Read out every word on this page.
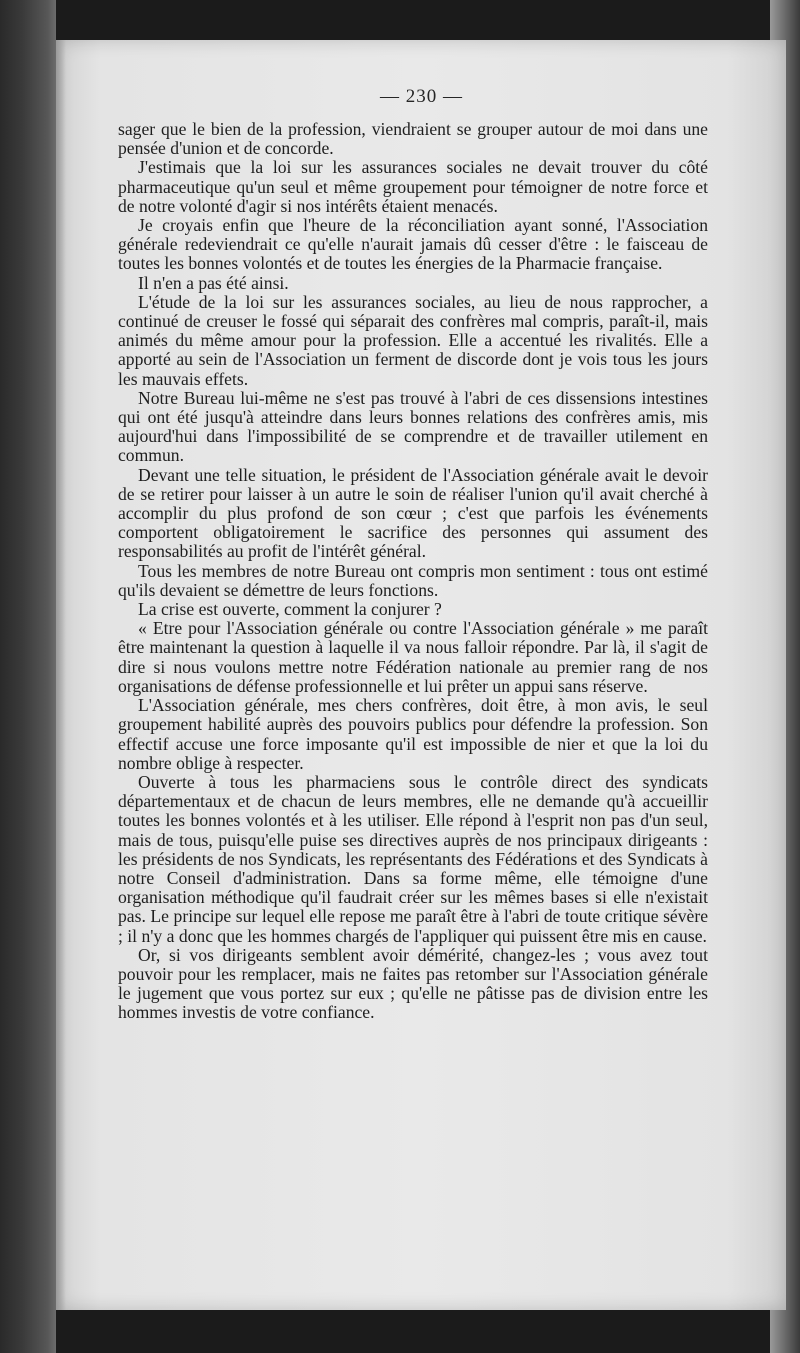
— 230 —

sager que le bien de la profession, viendraient se grouper autour de moi dans une pensée d'union et de concorde.

J'estimais que la loi sur les assurances sociales ne devait trouver du côté pharmaceutique qu'un seul et même groupement pour témoigner de notre force et de notre volonté d'agir si nos intérêts étaient menacés.

Je croyais enfin que l'heure de la réconciliation ayant sonné, l'Association générale redeviendrait ce qu'elle n'aurait jamais dû cesser d'être : le faisceau de toutes les bonnes volontés et de toutes les énergies de la Pharmacie française.

Il n'en a pas été ainsi.

L'étude de la loi sur les assurances sociales, au lieu de nous rapprocher, a continué de creuser le fossé qui séparait des confrères mal compris, paraît-il, mais animés du même amour pour la profession. Elle a accentué les rivalités. Elle a apporté au sein de l'Association un ferment de discorde dont je vois tous les jours les mauvais effets.

Notre Bureau lui-même ne s'est pas trouvé à l'abri de ces dissensions intestines qui ont été jusqu'à atteindre dans leurs bonnes relations des confrères amis, mis aujourd'hui dans l'impossibilité de se comprendre et de travailler utilement en commun.

Devant une telle situation, le président de l'Association générale avait le devoir de se retirer pour laisser à un autre le soin de réaliser l'union qu'il avait cherché à accomplir du plus profond de son cœur ; c'est que parfois les événements comportent obligatoirement le sacrifice des personnes qui assument des responsabilités au profit de l'intérêt général.

Tous les membres de notre Bureau ont compris mon sentiment : tous ont estimé qu'ils devaient se démettre de leurs fonctions.

La crise est ouverte, comment la conjurer ?

« Etre pour l'Association générale ou contre l'Association générale » me paraît être maintenant la question à laquelle il va nous falloir répondre. Par là, il s'agit de dire si nous voulons mettre notre Fédération nationale au premier rang de nos organisations de défense professionnelle et lui prêter un appui sans réserve.

L'Association générale, mes chers confrères, doit être, à mon avis, le seul groupement habilité auprès des pouvoirs publics pour défendre la profession. Son effectif accuse une force imposante qu'il est impossible de nier et que la loi du nombre oblige à respecter.

Ouverte à tous les pharmaciens sous le contrôle direct des syndicats départementaux et de chacun de leurs membres, elle ne demande qu'à accueillir toutes les bonnes volontés et à les utiliser. Elle répond à l'esprit non pas d'un seul, mais de tous, puisqu'elle puise ses directives auprès de nos principaux dirigeants : les présidents de nos Syndicats, les représentants des Fédérations et des Syndicats à notre Conseil d'administration. Dans sa forme même, elle témoigne d'une organisation méthodique qu'il faudrait créer sur les mêmes bases si elle n'existait pas. Le principe sur lequel elle repose me paraît être à l'abri de toute critique sévère ; il n'y a donc que les hommes chargés de l'appliquer qui puissent être mis en cause.

Or, si vos dirigeants semblent avoir démérité, changez-les ; vous avez tout pouvoir pour les remplacer, mais ne faites pas retomber sur l'Association générale le jugement que vous portez sur eux ; qu'elle ne pâtisse pas de division entre les hommes investis de votre confiance.
